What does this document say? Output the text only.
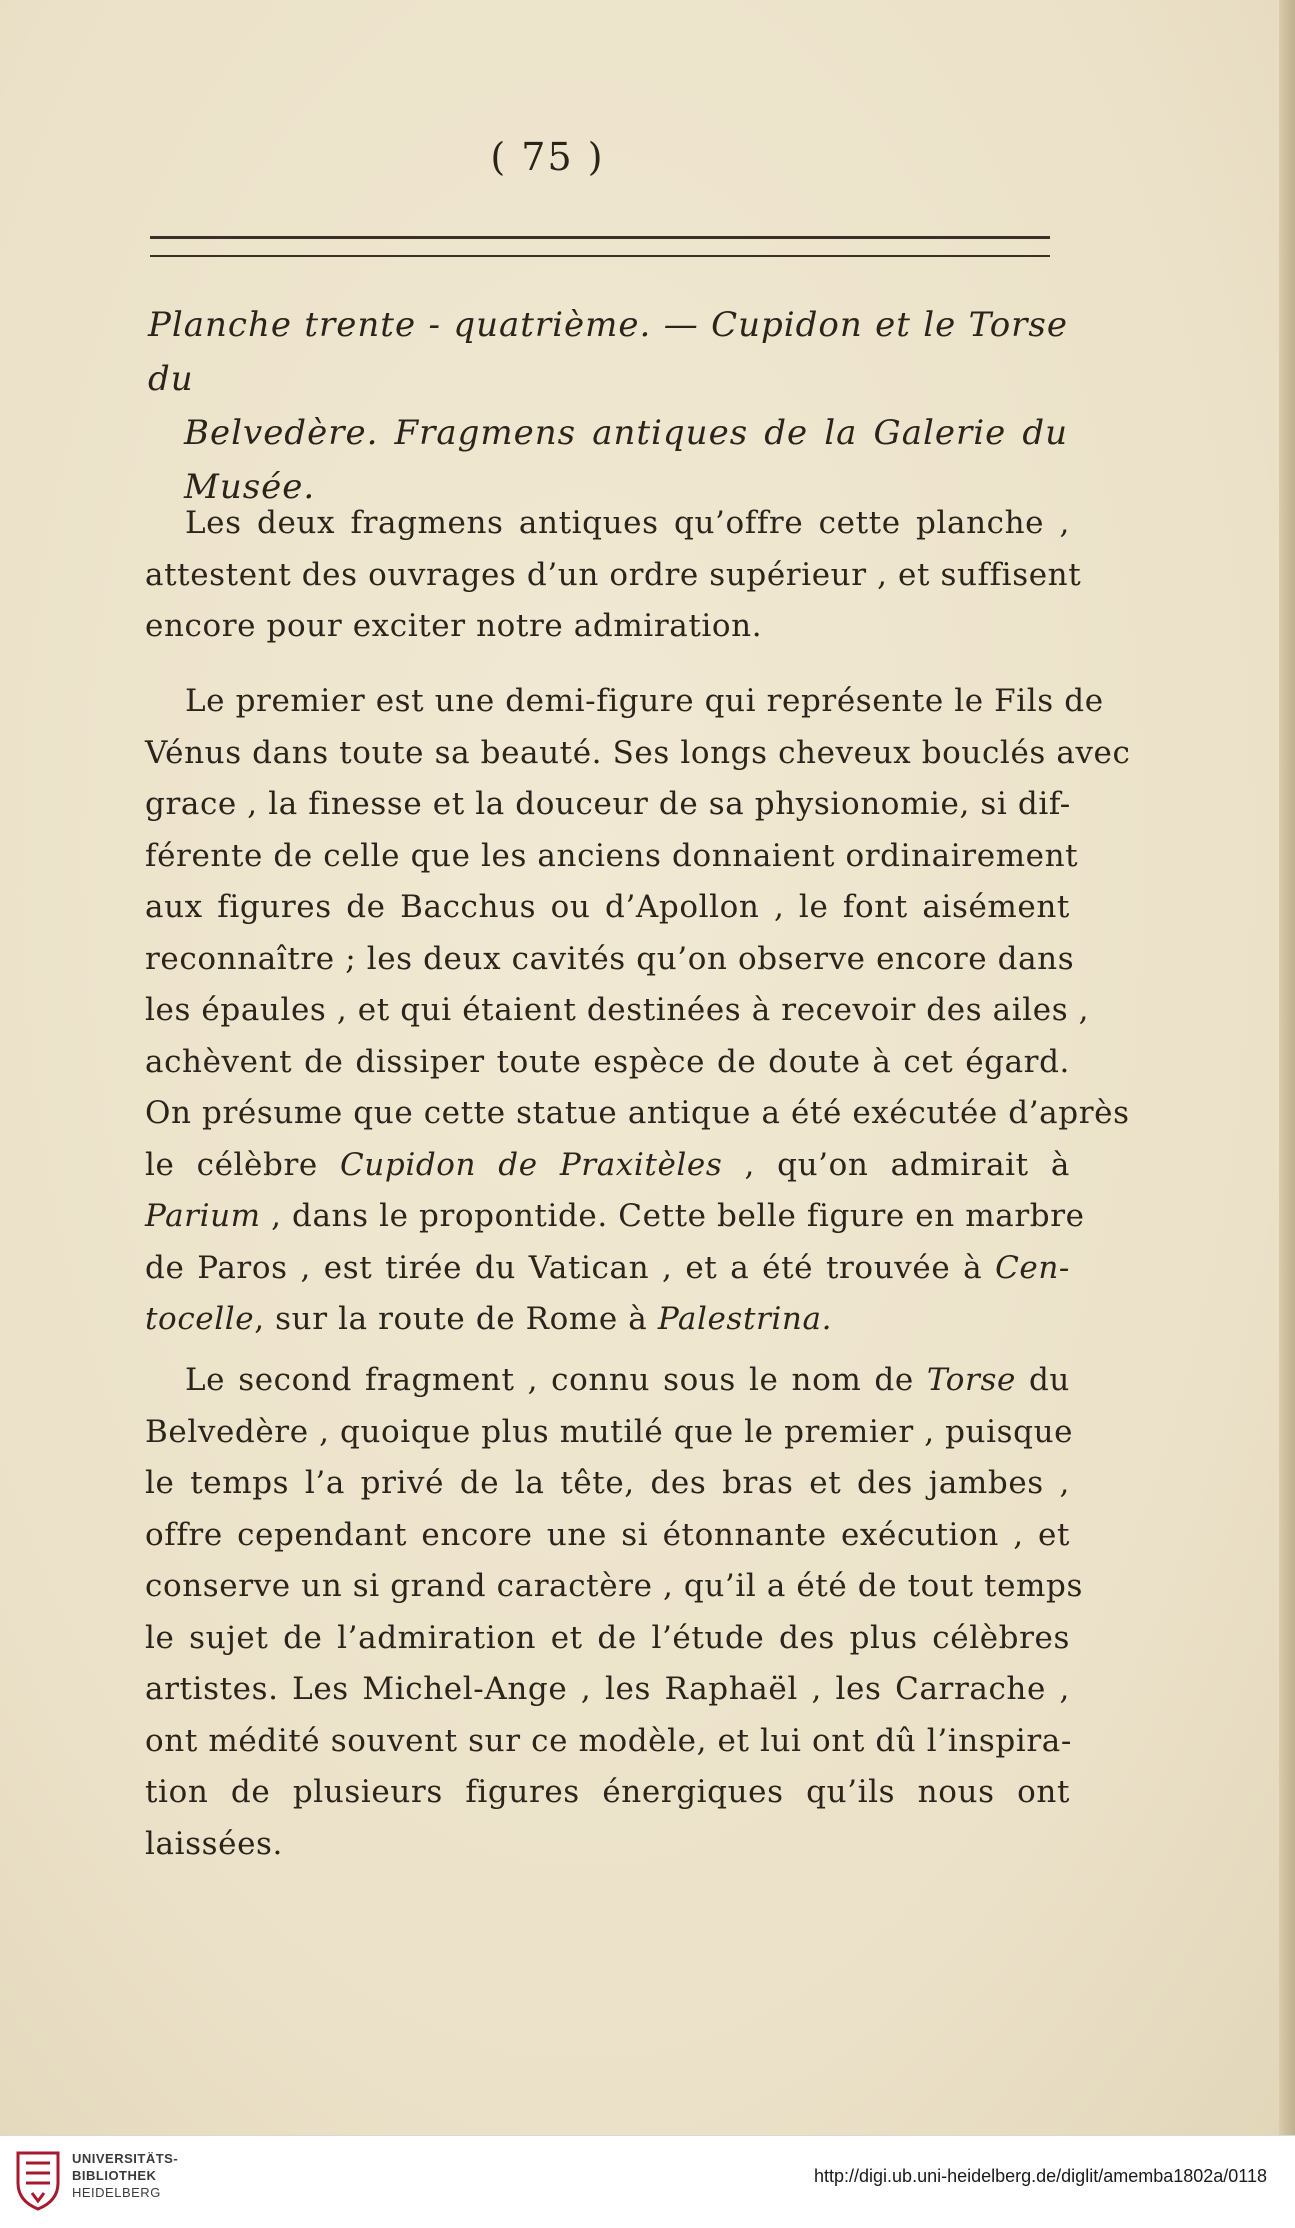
( 75 )

Planche trente - quatrième. — Cupidon et le Torse du

Belvedère. Fragmens antiques de la Galerie du

Musée.

Les deux fragmens antiques qu’offre cette planche ,
attestent des ouvrages d’un ordre supérieur , et suffisent
encore pour exciter notre admiration.
Le premier est une demi-figure qui représente le Fils de
Vénus dans toute sa beauté. Ses longs cheveux bouclés avec
grace , la finesse et la douceur de sa physionomie, si dif-
férente de celle que les anciens donnaient ordinairement
aux figures de Bacchus ou d’Apollon , le font aisément
reconnaître ; les deux cavités qu’on observe encore dans
les épaules , et qui étaient destinées à recevoir des ailes ,
achèvent de dissiper toute espèce de doute à cet égard.
On présume que cette statue antique a été exécutée d’après
le célèbre Cupidon de Praxitèles , qu’on admirait à
Parium , dans le propontide. Cette belle figure en marbre
de Paros , est tirée du Vatican , et a été trouvée à Cen-
tocelle, sur la route de Rome à Palestrina.
Le second fragment , connu sous le nom de Torse du
Belvedère , quoique plus mutilé que le premier , puisque
le temps l’a privé de la tête, des bras et des jambes ,
offre cependant encore une si étonnante exécution , et
conserve un si grand caractère , qu’il a été de tout temps
le sujet de l’admiration et de l’étude des plus célèbres
artistes. Les Michel-Ange , les Raphaël , les Carrache ,
ont médité souvent sur ce modèle, et lui ont dû l’inspira-
tion de plusieurs figures énergiques qu’ils nous ont
laissées.
UNIVERSITÄTS-
BIBLIOTHEK
HEIDELBERG
http://digi.ub.uni-heidelberg.de/diglit/amemba1802a/0118
